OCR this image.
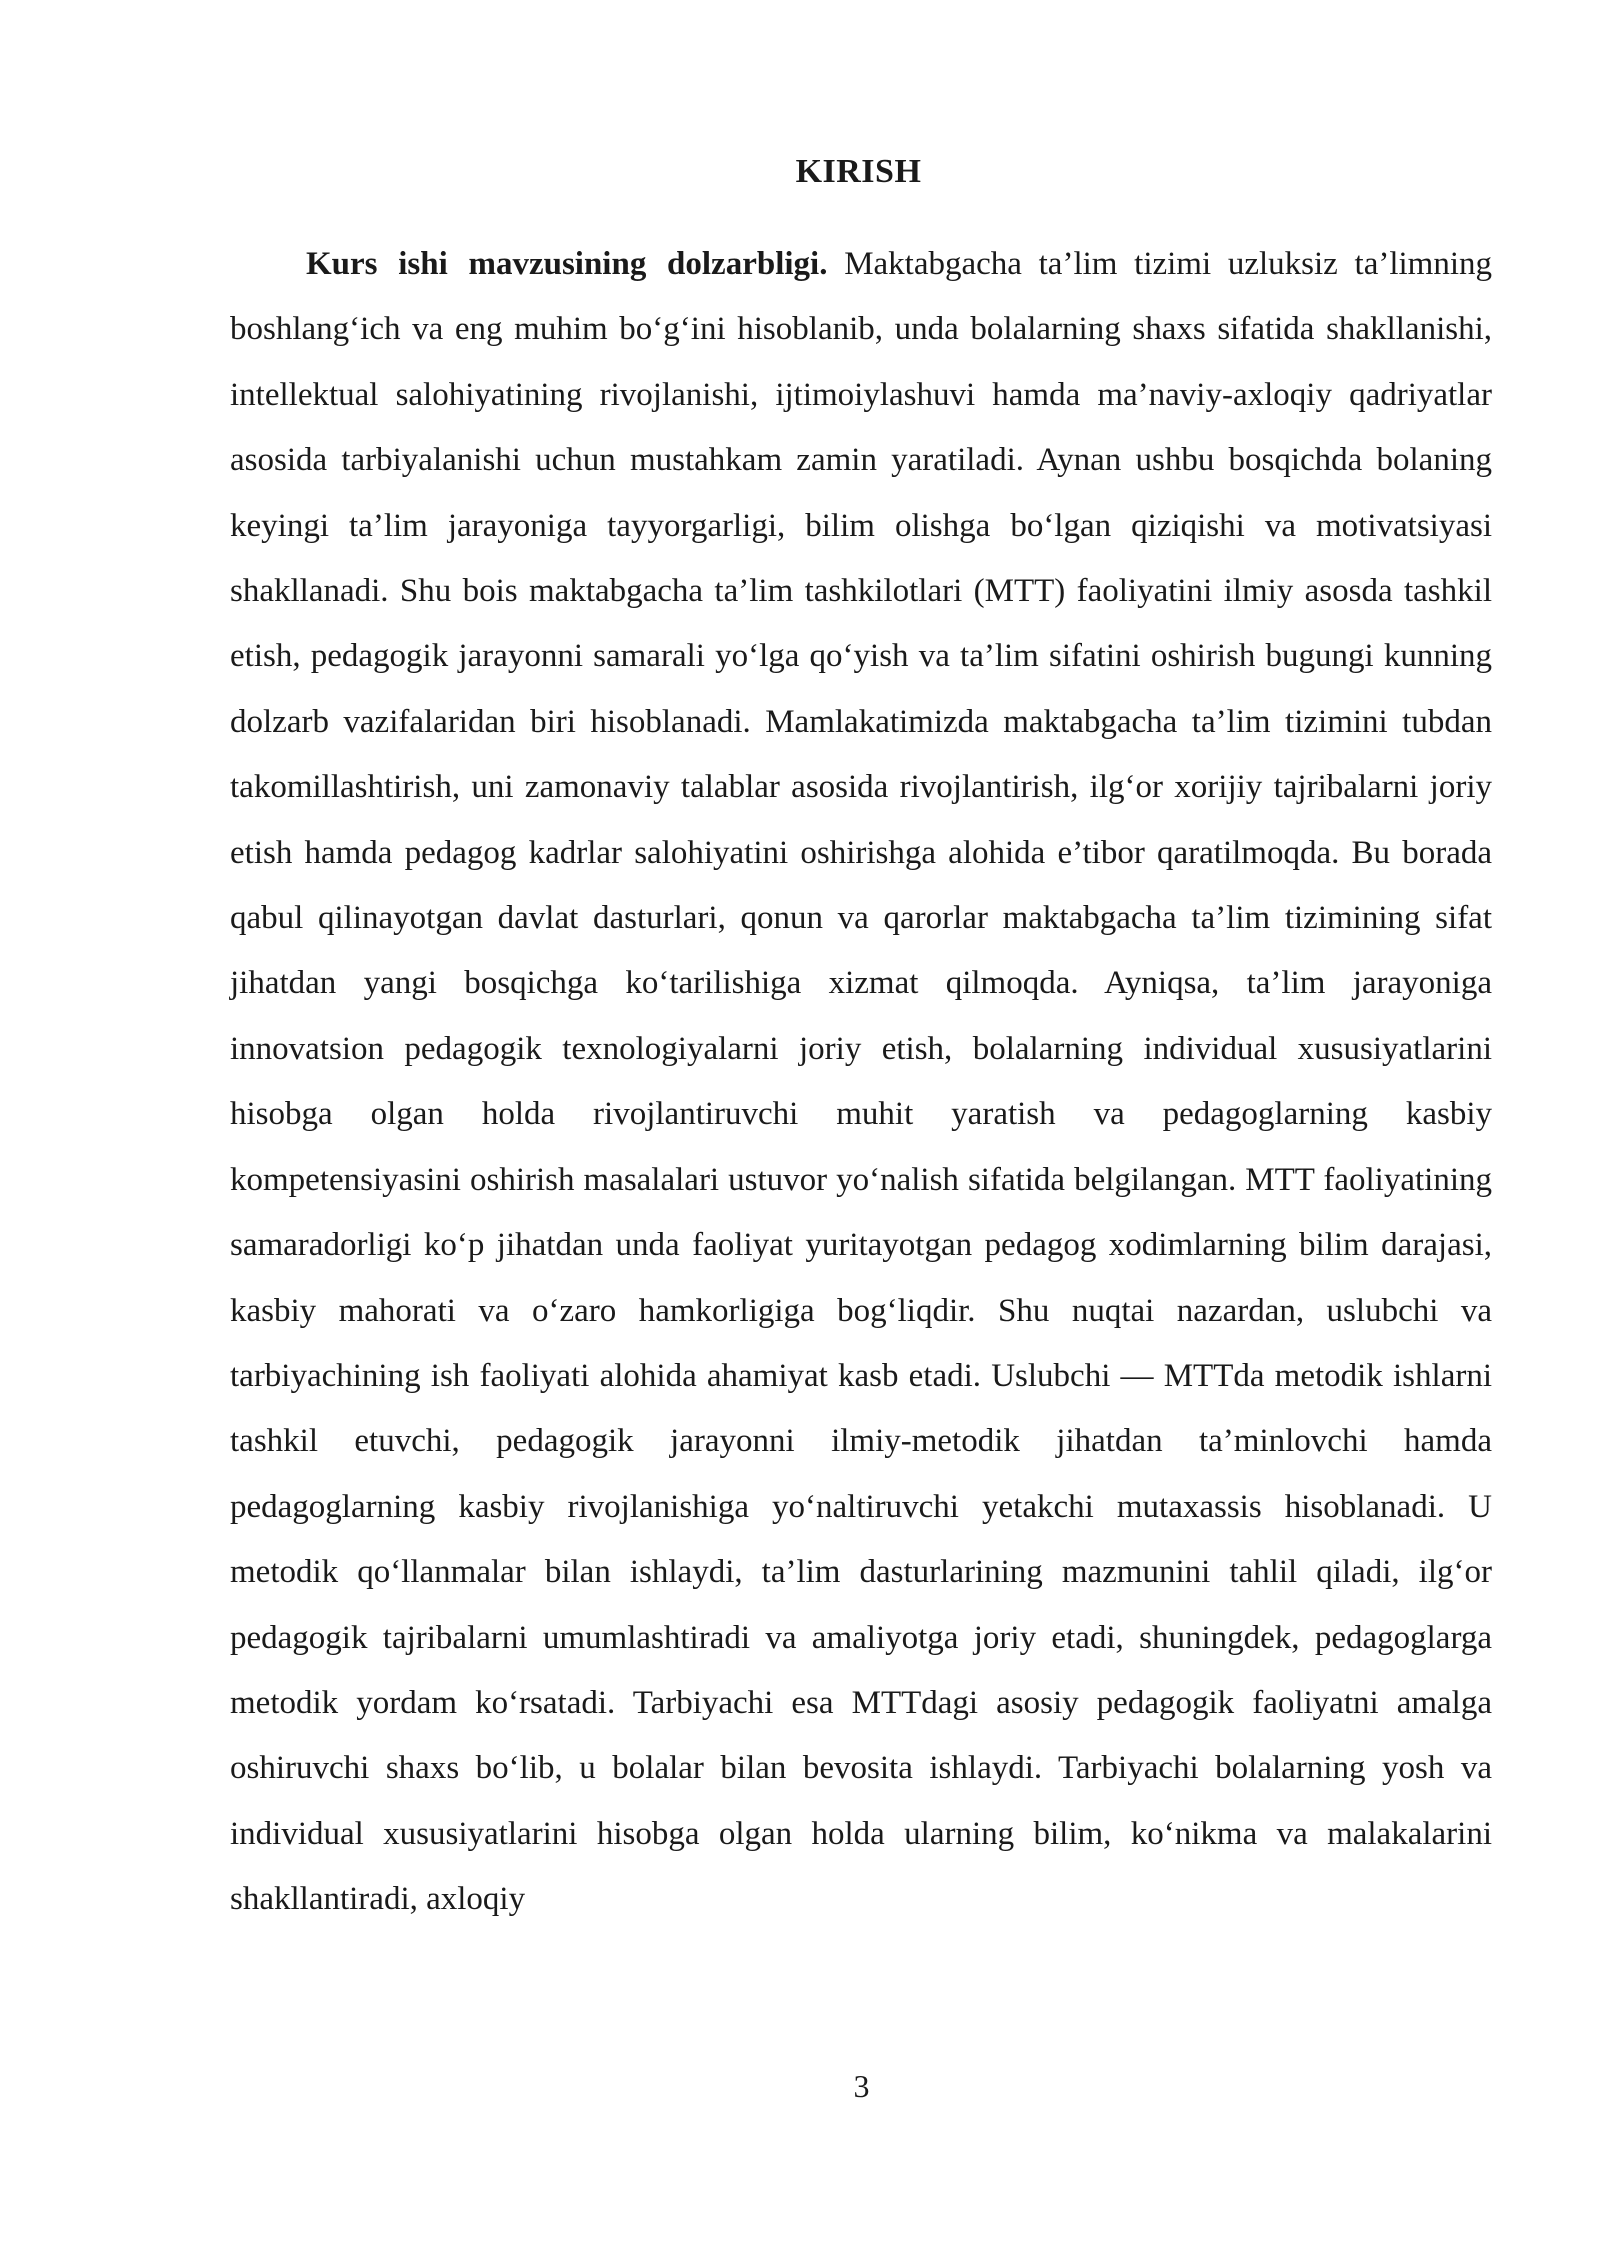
KIRISH

Kurs ishi mavzusining dolzarbligi. Maktabgacha ta’lim tizimi uzluksiz ta’limning boshlang‘ich va eng muhim bo‘g‘ini hisoblanib, unda bolalarning shaxs sifatida shakllanishi, intellektual salohiyatining rivojlanishi, ijtimoiylashuvi hamda ma’naviy-axloqiy qadriyatlar asosida tarbiyalanishi uchun mustahkam zamin yaratiladi. Aynan ushbu bosqichda bolaning keyingi ta’lim jarayoniga tayyorgarligi, bilim olishga bo‘lgan qiziqishi va motivatsiyasi shakllanadi. Shu bois maktabgacha ta’lim tashkilotlari (MTT) faoliyatini ilmiy asosda tashkil etish, pedagogik jarayonni samarali yo‘lga qo‘yish va ta’lim sifatini oshirish bugungi kunning dolzarb vazifalaridan biri hisoblanadi. Mamlakatimizda maktabgacha ta’lim tizimini tubdan takomillashtirish, uni zamonaviy talablar asosida rivojlantirish, ilg‘or xorijiy tajribalarni joriy etish hamda pedagog kadrlar salohiyatini oshirishga alohida e’tibor qaratilmoqda. Bu borada qabul qilinayotgan davlat dasturlari, qonun va qarorlar maktabgacha ta’lim tizimining sifat jihatdan yangi bosqichga ko‘tarilishiga xizmat qilmoqda. Ayniqsa, ta’lim jarayoniga innovatsion pedagogik texnologiyalarni joriy etish, bolalarning individual xususiyatlarini hisobga olgan holda rivojlantiruvchi muhit yaratish va pedagoglarning kasbiy kompetensiyasini oshirish masalalari ustuvor yo‘nalish sifatida belgilangan. MTT faoliyatining samaradorligi ko‘p jihatdan unda faoliyat yuritayotgan pedagog xodimlarning bilim darajasi, kasbiy mahorati va o‘zaro hamkorligiga bog‘liqdir. Shu nuqtai nazardan, uslubchi va tarbiyachining ish faoliyati alohida ahamiyat kasb etadi. Uslubchi — MTTda metodik ishlarni tashkil etuvchi, pedagogik jarayonni ilmiy-metodik jihatdan ta’minlovchi hamda pedagoglarning kasbiy rivojlanishiga yo‘naltiruvchi yetakchi mutaxassis hisoblanadi. U metodik qo‘llanmalar bilan ishlaydi, ta’lim dasturlarining mazmunini tahlil qiladi, ilg‘or pedagogik tajribalarni umumlashtiradi va amaliyotga joriy etadi, shuningdek, pedagoglarga metodik yordam ko‘rsatadi. Tarbiyachi esa MTTdagi asosiy pedagogik faoliyatni amalga oshiruvchi shaxs bo‘lib, u bolalar bilan bevosita ishlaydi. Tarbiyachi bolalarning yosh va individual xususiyatlarini hisobga olgan holda ularning bilim, ko‘nikma va malakalarini shakllantiradi, axloqiy

3
